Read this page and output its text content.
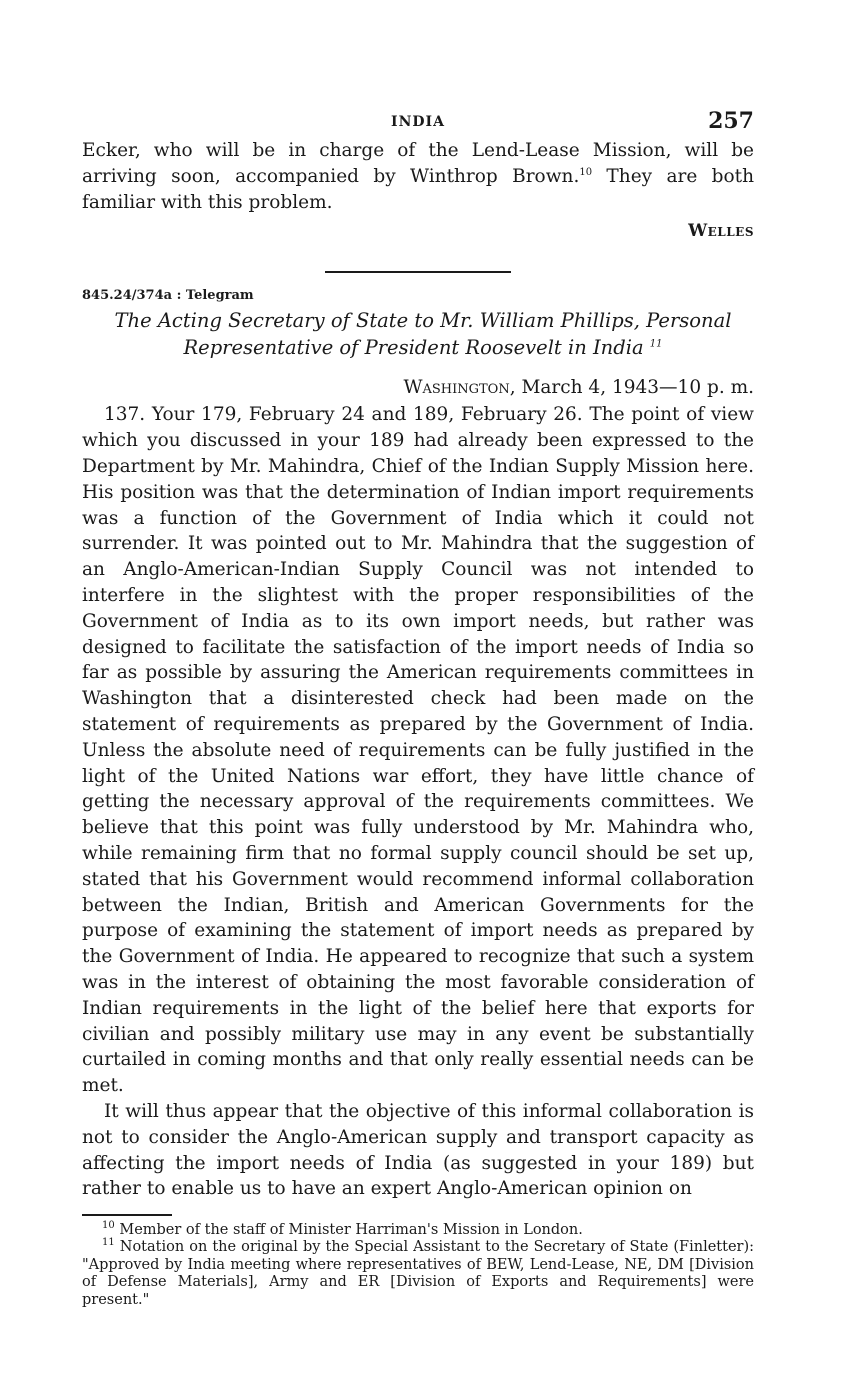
INDIA	257

Ecker, who will be in charge of the Lend-Lease Mission, will be arriving soon, accompanied by Winthrop Brown.$^{10}$ They are both familiar with this problem.

Welles
845.24/374a : Telegram
The Acting Secretary of State to Mr. William Phillips, Personal
Representative of President Roosevelt in India $^{11}$
Washington, March 4, 1943—10 p. m.

137. Your 179, February 24 and 189, February 26. The point of view which you discussed in your 189 had already been expressed to the Department by Mr. Mahindra, Chief of the Indian Supply Mission here. His position was that the determination of Indian import requirements was a function of the Government of India which it could not surrender. It was pointed out to Mr. Mahindra that the suggestion of an Anglo-American-Indian Supply Council was not intended to interfere in the slightest with the proper responsibilities of the Government of India as to its own import needs, but rather was designed to facilitate the satisfaction of the import needs of India so far as possible by assuring the American requirements committees in Washington that a disinterested check had been made on the statement of requirements as prepared by the Government of India. Unless the absolute need of requirements can be fully justified in the light of the United Nations war effort, they have little chance of getting the necessary approval of the requirements committees. We believe that this point was fully understood by Mr. Mahindra who, while remaining firm that no formal supply council should be set up, stated that his Government would recommend informal collaboration between the Indian, British and American Governments for the purpose of examining the statement of import needs as prepared by the Government of India. He appeared to recognize that such a system was in the interest of obtaining the most favorable consideration of Indian requirements in the light of the belief here that exports for civilian and possibly military use may in any event be substantially curtailed in coming months and that only really essential needs can be met.

It will thus appear that the objective of this informal collaboration is not to consider the Anglo-American supply and transport capacity as affecting the import needs of India (as suggested in your 189) but rather to enable us to have an expert Anglo-American opinion on

$^{10}$ Member of the staff of Minister Harriman's Mission in London.

$^{11}$ Notation on the original by the Special Assistant to the Secretary of State (Finletter): "Approved by India meeting where representatives of BEW, Lend-Lease, NE, DM [Division of Defense Materials], Army and ER [Division of Exports and Requirements] were present."
